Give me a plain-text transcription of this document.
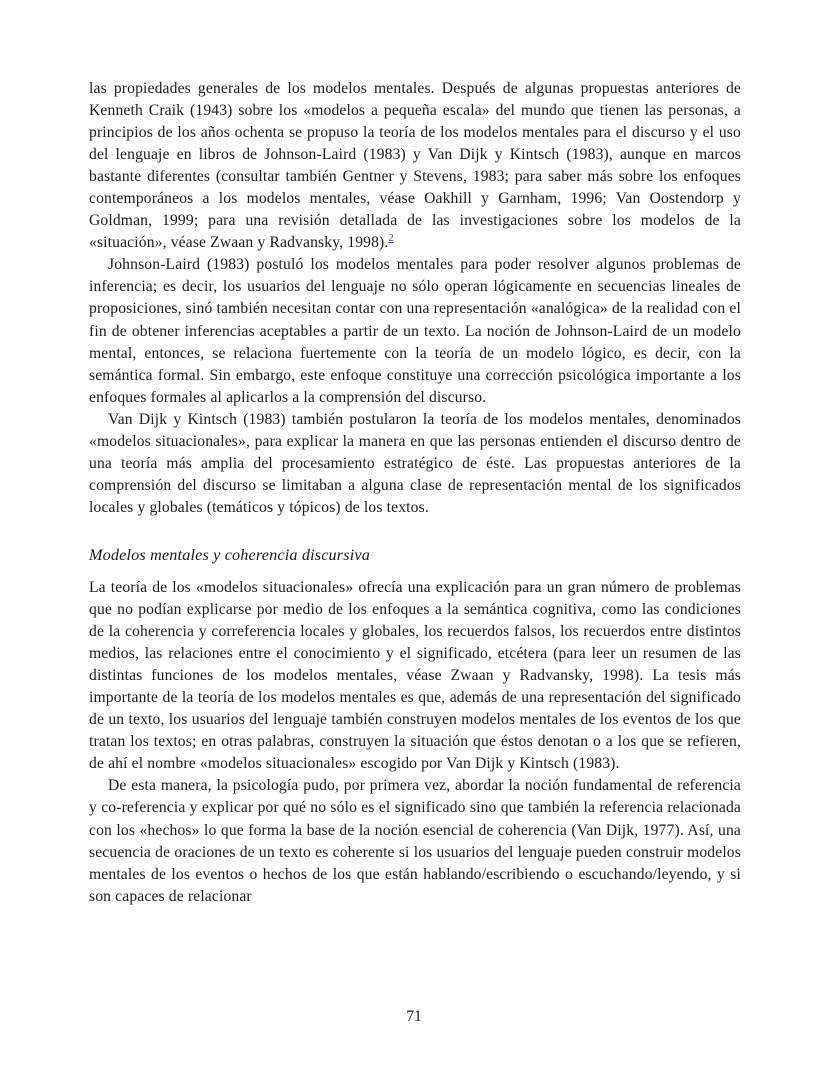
las propiedades generales de los modelos mentales. Después de algunas propuestas anteriores de Kenneth Craik (1943) sobre los «modelos a pequeña escala» del mundo que tienen las personas, a principios de los años ochenta se propuso la teoría de los modelos mentales para el discurso y el uso del lenguaje en libros de Johnson-Laird (1983) y Van Dijk y Kintsch (1983), aunque en marcos bastante diferentes (consultar también Gentner y Stevens, 1983; para saber más sobre los enfoques contemporáneos a los modelos mentales, véase Oakhill y Garnham, 1996; Van Oostendorp y Goldman, 1999; para una revisión detallada de las investigaciones sobre los modelos de la «situación», véase Zwaan y Radvansky, 1998).$^2$

Johnson-Laird (1983) postuló los modelos mentales para poder resolver algunos problemas de inferencia; es decir, los usuarios del lenguaje no sólo operan lógicamente en secuencias lineales de proposiciones, sinó también necesitan contar con una representación «analógica» de la realidad con el fin de obtener inferencias aceptables a partir de un texto. La noción de Johnson-Laird de un modelo mental, entonces, se relaciona fuertemente con la teoría de un modelo lógico, es decir, con la semántica formal. Sin embargo, este enfoque constituye una corrección psicológica importante a los enfoques formales al aplicarlos a la comprensión del discurso.

Van Dijk y Kintsch (1983) también postularon la teoría de los modelos mentales, denominados «modelos situacionales», para explicar la manera en que las personas entienden el discurso dentro de una teoría más amplia del procesamiento estratégico de éste. Las propuestas anteriores de la comprensión del discurso se limitaban a alguna clase de representación mental de los significados locales y globales (temáticos y tópicos) de los textos.

Modelos mentales y coherencia discursiva

La teoría de los «modelos situacionales» ofrecía una explicación para un gran número de problemas que no podían explicarse por medio de los enfoques a la semántica cognitiva, como las condiciones de la coherencia y correferencia locales y globales, los recuerdos falsos, los recuerdos entre distintos medios, las relaciones entre el conocimiento y el significado, etcétera (para leer un resumen de las distintas funciones de los modelos mentales, véase Zwaan y Radvansky, 1998). La tesis más importante de la teoría de los modelos mentales es que, además de una representación del significado de un texto, los usuarios del lenguaje también construyen modelos mentales de los eventos de los que tratan los textos; en otras palabras, construyen la situación que éstos denotan o a los que se refieren, de ahí el nombre «modelos situacionales» escogido por Van Dijk y Kintsch (1983).

De esta manera, la psicología pudo, por primera vez, abordar la noción fundamental de referencia y co-referencia y explicar por qué no sólo es el significado sino que también la referencia relacionada con los «hechos» lo que forma la base de la noción esencial de coherencia (Van Dijk, 1977). Así, una secuencia de oraciones de un texto es coherente si los usuarios del lenguaje pueden construir modelos mentales de los eventos o hechos de los que están hablando/escribiendo o escuchando/leyendo, y si son capaces de relacionar

71
